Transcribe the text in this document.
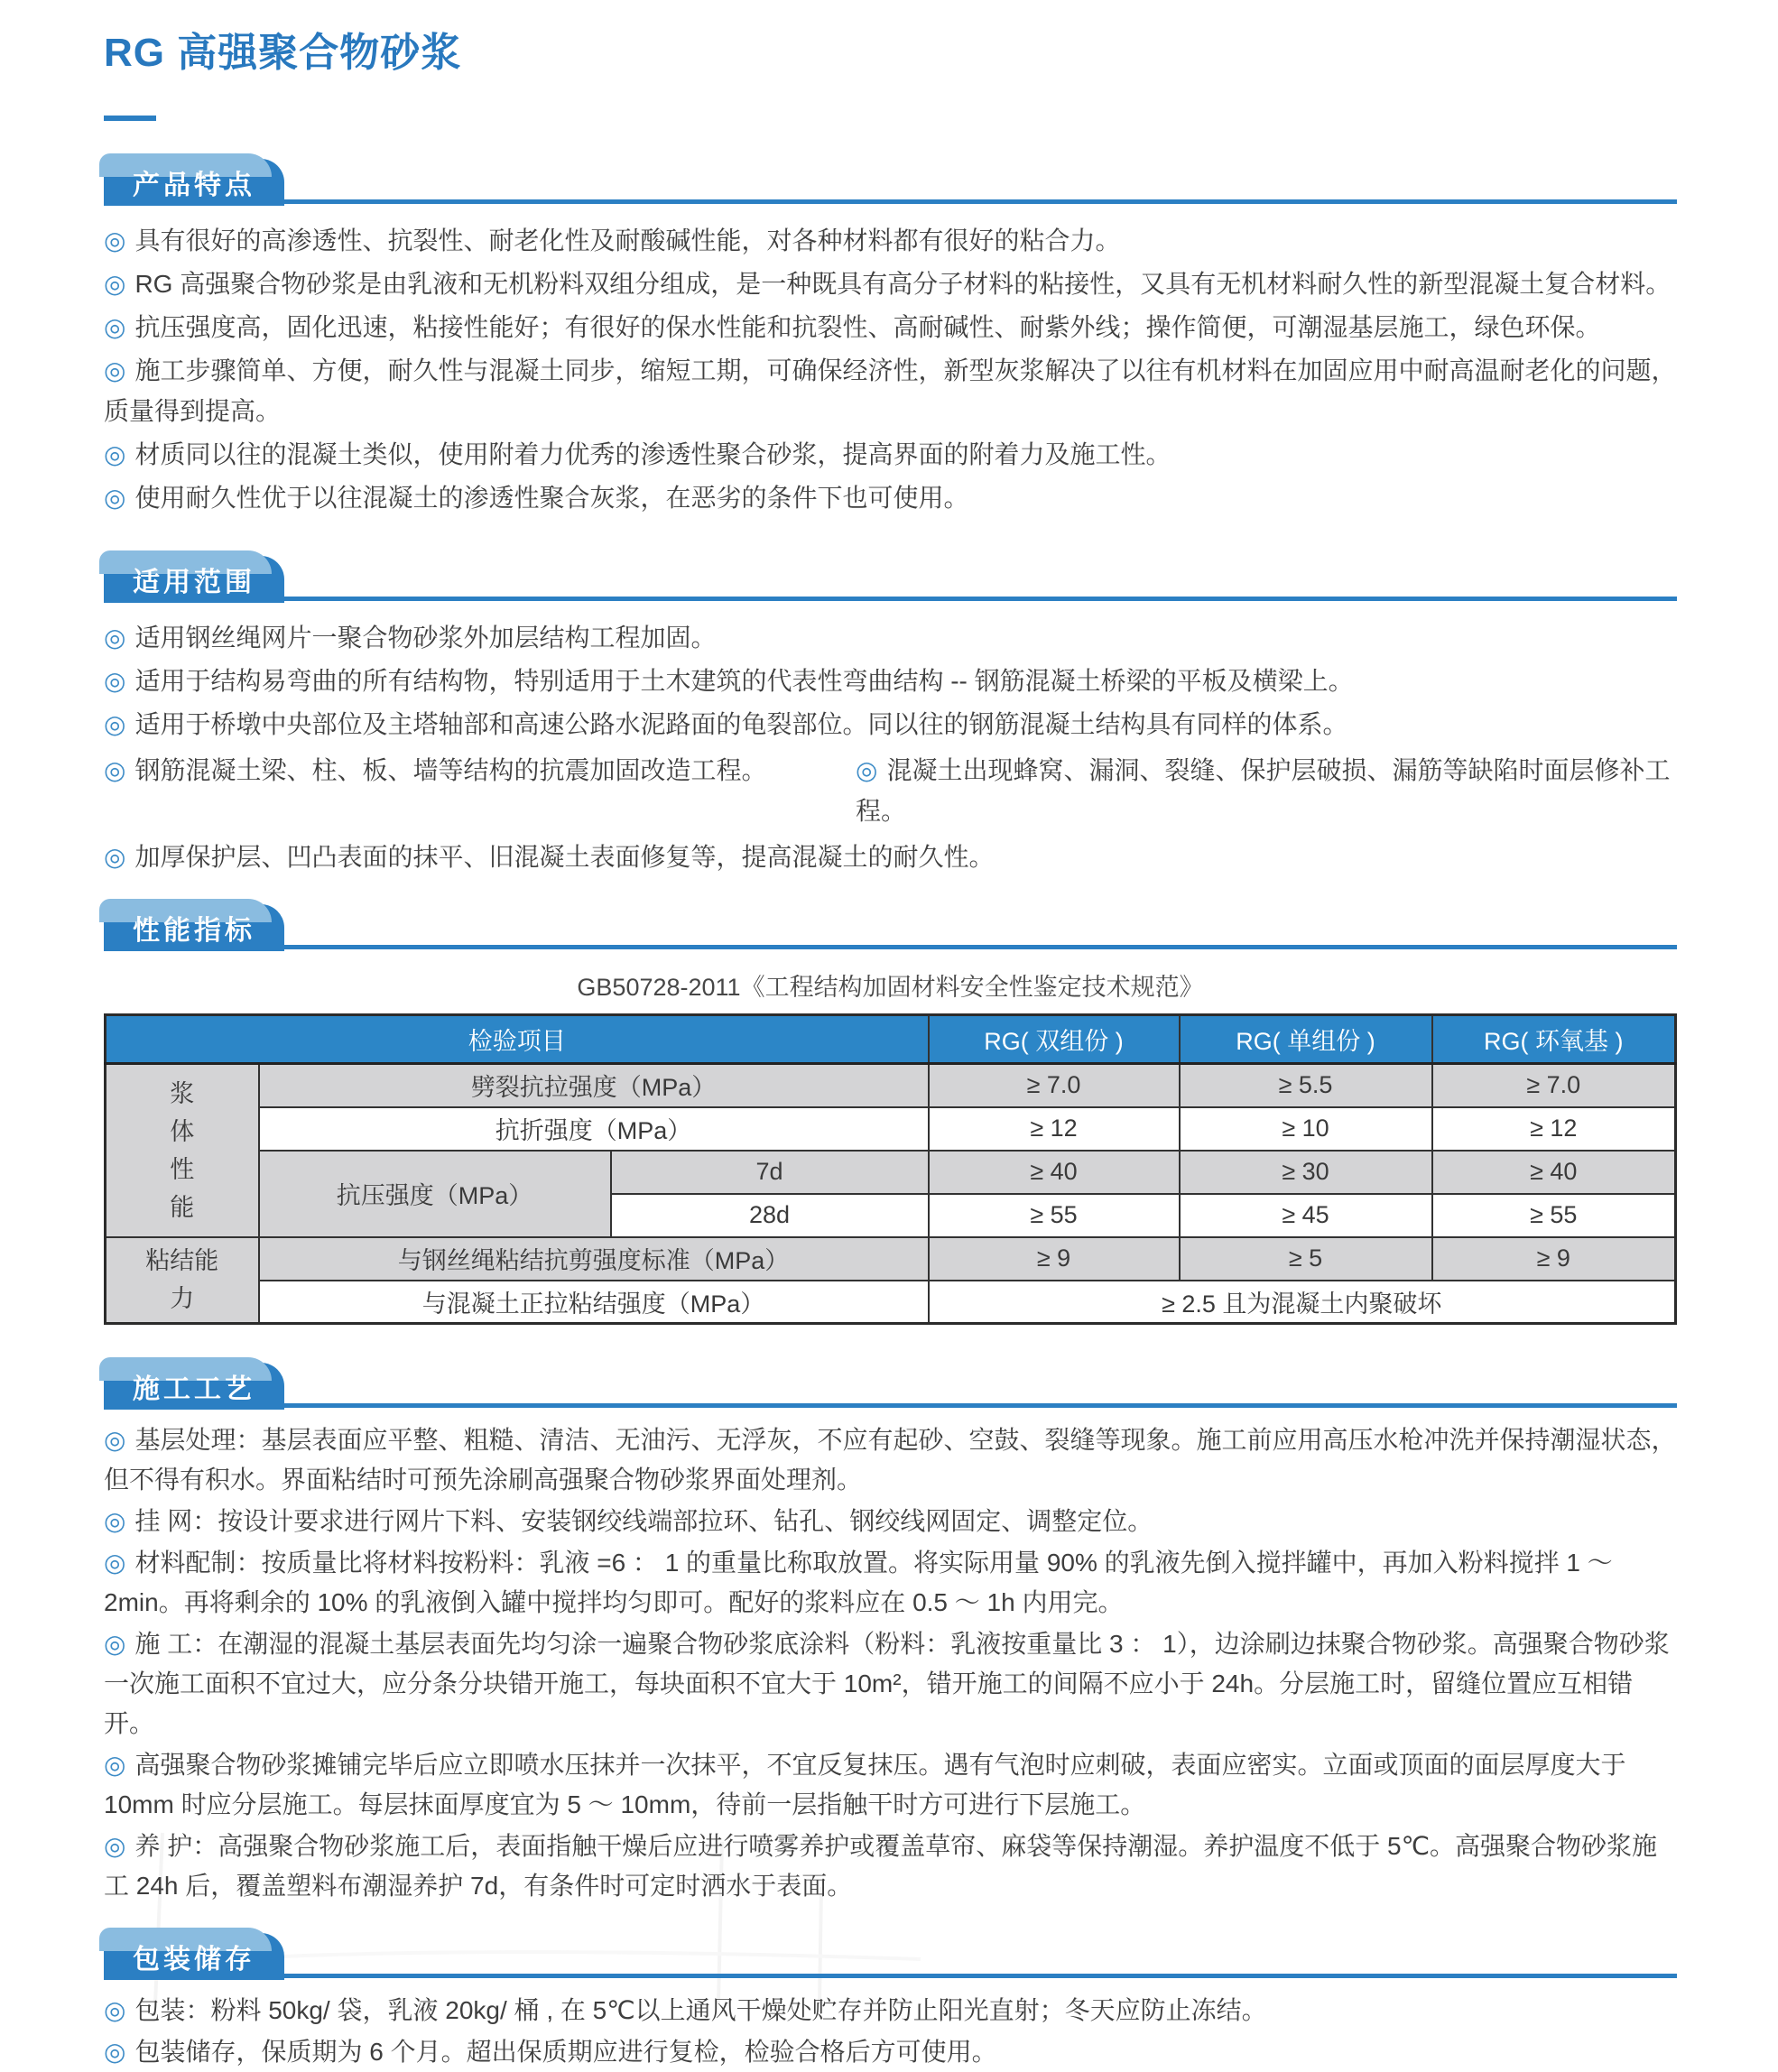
RG 高强聚合物砂浆
产品特点
◎ 具有很好的高渗透性、抗裂性、耐老化性及耐酸碱性能，对各种材料都有很好的粘合力。
◎ RG 高强聚合物砂浆是由乳液和无机粉料双组分组成，是一种既具有高分子材料的粘接性，又具有无机材料耐久性的新型混凝土复合材料。
◎ 抗压强度高，固化迅速，粘接性能好；有很好的保水性能和抗裂性、高耐碱性、耐紫外线；操作简便，可潮湿基层施工，绿色环保。
◎ 施工步骤简单、方便，耐久性与混凝土同步，缩短工期，可确保经济性，新型灰浆解决了以往有机材料在加固应用中耐高温耐老化的问题，质量得到提高。
◎ 材质同以往的混凝土类似，使用附着力优秀的渗透性聚合砂浆，提高界面的附着力及施工性。
◎ 使用耐久性优于以往混凝土的渗透性聚合灰浆，在恶劣的条件下也可使用。
适用范围
◎ 适用钢丝绳网片一聚合物砂浆外加层结构工程加固。
◎ 适用于结构易弯曲的所有结构物，特别适用于土木建筑的代表性弯曲结构 -- 钢筋混凝土桥梁的平板及横梁上。
◎ 适用于桥墩中央部位及主塔轴部和高速公路水泥路面的龟裂部位。同以往的钢筋混凝土结构具有同样的体系。
◎ 钢筋混凝土梁、柱、板、墙等结构的抗震加固改造工程。	◎ 混凝土出现蜂窝、漏洞、裂缝、保护层破损、漏筋等缺陷时面层修补工程。
◎ 加厚保护层、凹凸表面的抹平、旧混凝土表面修复等，提高混凝土的耐久性。
性能指标
GB50728-2011《工程结构加固材料安全性鉴定技术规范》
检验项目			RG( 双组份 )	RG( 单组份 )	RG( 环氧基 )

浆
体
性
能	劈裂抗拉强度（MPa）		≥ 7.0	≥ 5.5	≥ 7.0
	抗折强度（MPa）		≥ 12	≥ 10	≥ 12
	抗压强度（MPa）	7d	≥ 40	≥ 30	≥ 40
		28d	≥ 55	≥ 45	≥ 55

粘结能
力	与钢丝绳粘结抗剪强度标准（MPa）		≥ 9	≥ 5	≥ 9
	与混凝土正拉粘结强度（MPa）		≥ 2.5 且为混凝土内聚破坏		
施工工艺
◎ 基层处理：基层表面应平整、粗糙、清洁、无油污、无浮灰，不应有起砂、空鼓、裂缝等现象。施工前应用高压水枪冲洗并保持潮湿状态，但不得有积水。界面粘结时可预先涂刷高强聚合物砂浆界面处理剂。
◎ 挂 网：按设计要求进行网片下料、安装钢绞线端部拉环、钻孔、钢绞线网固定、调整定位。
◎ 材料配制：按质量比将材料按粉料：乳液 =6 ： 1 的重量比称取放置。将实际用量 90% 的乳液先倒入搅拌罐中，再加入粉料搅拌 1 ～ 2min。再将剩余的 10% 的乳液倒入罐中搅拌均匀即可。配好的浆料应在 0.5 ～ 1h 内用完。
◎ 施 工：在潮湿的混凝土基层表面先均匀涂一遍聚合物砂浆底涂料（粉料：乳液按重量比 3 ： 1），边涂刷边抹聚合物砂浆。高强聚合物砂浆一次施工面积不宜过大，应分条分块错开施工，每块面积不宜大于 10m²，错开施工的间隔不应小于 24h。分层施工时，留缝位置应互相错开。
◎ 高强聚合物砂浆摊铺完毕后应立即喷水压抹并一次抹平，不宜反复抹压。遇有气泡时应刺破，表面应密实。立面或顶面的面层厚度大于 10mm 时应分层施工。每层抹面厚度宜为 5 ～ 10mm，待前一层指触干时方可进行下层施工。
◎ 养 护：高强聚合物砂浆施工后，表面指触干燥后应进行喷雾养护或覆盖草帘、麻袋等保持潮湿。养护温度不低于 5℃。高强聚合物砂浆施工 24h 后，覆盖塑料布潮湿养护 7d，有条件时可定时洒水于表面。
包装储存
◎ 包装：粉料 50kg/ 袋，乳液 20kg/ 桶 , 在 5℃以上通风干燥处贮存并防止阳光直射；冬天应防止冻结。
◎ 包装储存，保质期为 6 个月。超出保质期应进行复检，检验合格后方可使用。
